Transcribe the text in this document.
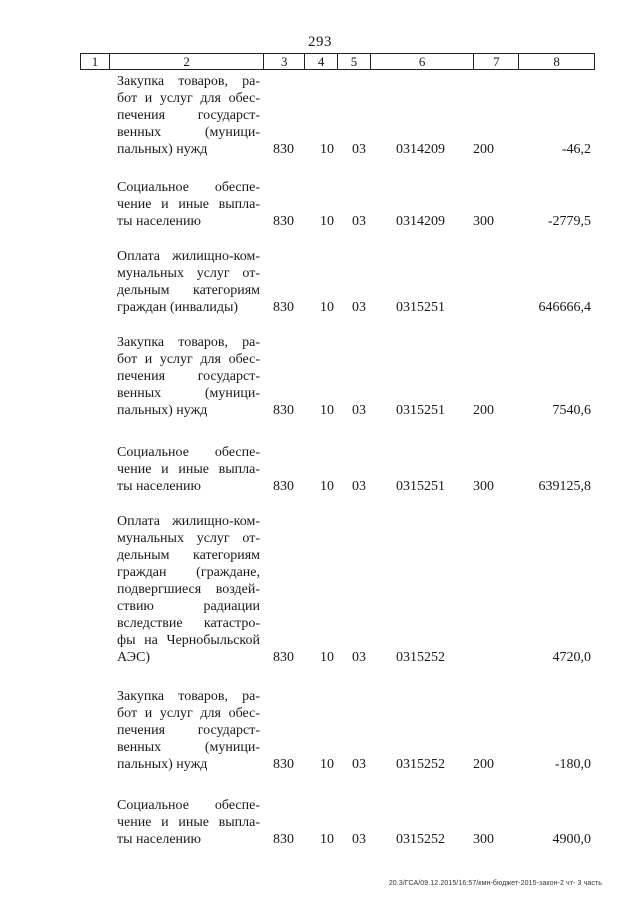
293
1	2	3	4	5	6	7	8
Закупка товаров, ра-
бот и услуг для обес-
печения государст-
венных (муници-
пальных) нужд	830 10 03 0314209 200	-46,2
Социальное обеспе-
чение и иные выпла-
ты населению	830 10 03 0314209 300	-2779,5
Оплата жилищно-ком-
мунальных услуг от-
дельным категориям
граждан (инвалиды)	830 10 03 0315251	646666,4
Закупка товаров, ра-
бот и услуг для обес-
печения государст-
венных (муници-
пальных) нужд	830 10 03 0315251 200	7540,6
Социальное обеспе-
чение и иные выпла-
ты населению	830 10 03 0315251 300	639125,8
Оплата жилищно-ком-
мунальных услуг от-
дельным категориям
граждан (граждане,
подвергшиеся воздей-
ствию радиации
вследствие катастро-
фы на Чернобыльской
АЭС)	830 10 03 0315252	4720,0
Закупка товаров, ра-
бот и услуг для обес-
печения государст-
венных (муници-
пальных) нужд	830 10 03 0315252 200	-180,0
Социальное обеспе-
чение и иные выпла-
ты населению	830 10 03 0315252 300	4900,0
20.3/ГСА/09.12.2015/16:57/кмн-бюджет-2015-закон-2 чт- 3 часть
